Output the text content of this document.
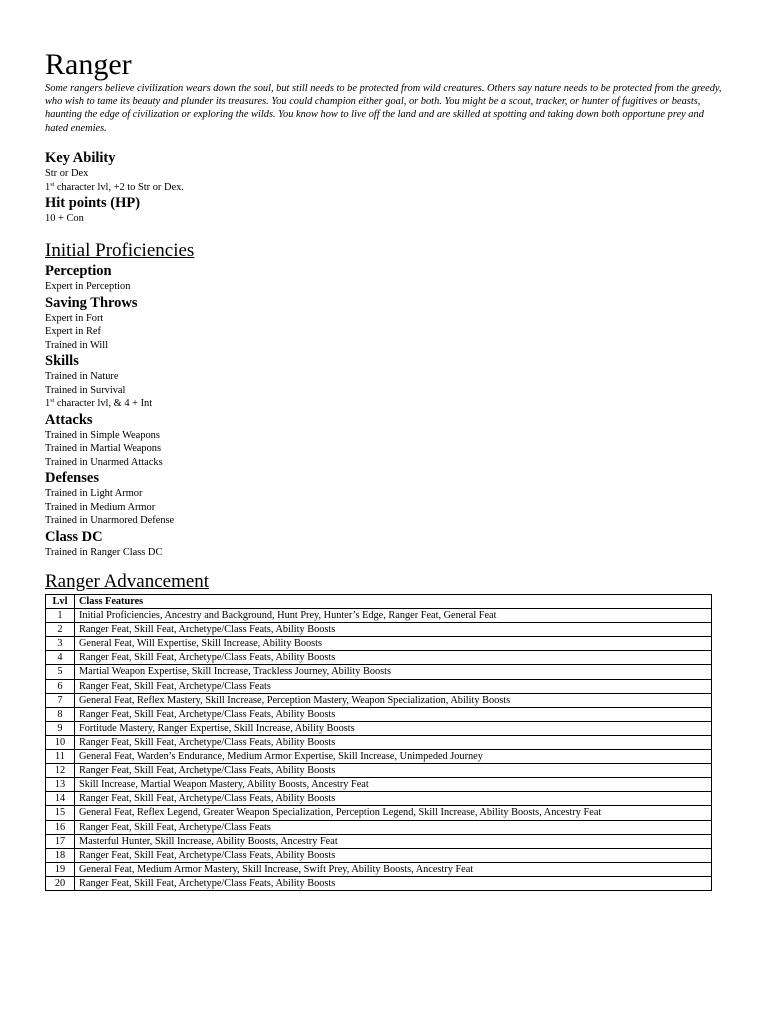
Ranger

Some rangers believe civilization wears down the soul, but still needs to be protected from wild creatures. Others say nature needs to be protected from the greedy, who wish to tame its beauty and plunder its treasures. You could champion either goal, or both. You might be a scout, tracker, or hunter of fugitives or beasts, haunting the edge of civilization or exploring the wilds. You know how to live off the land and are skilled at spotting and taking down both opportune prey and hated enemies.

Key Ability

Str or Dex

1st character lvl, +2 to Str or Dex.

Hit points (HP)

10 + Con

Initial Proficiencies

Perception

Expert in Perception

Saving Throws

Expert in Fort

Expert in Ref

Trained in Will

Skills

Trained in Nature

Trained in Survival

1st character lvl, & 4 + Int

Attacks

Trained in Simple Weapons

Trained in Martial Weapons

Trained in Unarmed Attacks

Defenses

Trained in Light Armor

Trained in Medium Armor

Trained in Unarmored Defense

Class DC

Trained in Ranger Class DC

Ranger Advancement

Lvl	Class Features
1	Initial Proficiencies, Ancestry and Background, Hunt Prey, Hunter’s Edge, Ranger Feat, General Feat
2	Ranger Feat, Skill Feat, Archetype/Class Feats, Ability Boosts
3	General Feat, Will Expertise, Skill Increase, Ability Boosts
4	Ranger Feat, Skill Feat, Archetype/Class Feats, Ability Boosts
5	Martial Weapon Expertise, Skill Increase, Trackless Journey, Ability Boosts
6	Ranger Feat, Skill Feat, Archetype/Class Feats
7	General Feat, Reflex Mastery, Skill Increase, Perception Mastery, Weapon Specialization, Ability Boosts
8	Ranger Feat, Skill Feat, Archetype/Class Feats, Ability Boosts
9	Fortitude Mastery, Ranger Expertise, Skill Increase, Ability Boosts
10	Ranger Feat, Skill Feat, Archetype/Class Feats, Ability Boosts
11	General Feat, Warden’s Endurance, Medium Armor Expertise, Skill Increase, Unimpeded Journey
12	Ranger Feat, Skill Feat, Archetype/Class Feats, Ability Boosts
13	Skill Increase, Martial Weapon Mastery, Ability Boosts, Ancestry Feat
14	Ranger Feat, Skill Feat, Archetype/Class Feats, Ability Boosts
15	General Feat, Reflex Legend, Greater Weapon Specialization, Perception Legend, Skill Increase, Ability Boosts, Ancestry Feat
16	Ranger Feat, Skill Feat, Archetype/Class Feats
17	Masterful Hunter, Skill Increase, Ability Boosts, Ancestry Feat
18	Ranger Feat, Skill Feat, Archetype/Class Feats, Ability Boosts
19	General Feat, Medium Armor Mastery, Skill Increase, Swift Prey, Ability Boosts, Ancestry Feat
20	Ranger Feat, Skill Feat, Archetype/Class Feats, Ability Boosts
